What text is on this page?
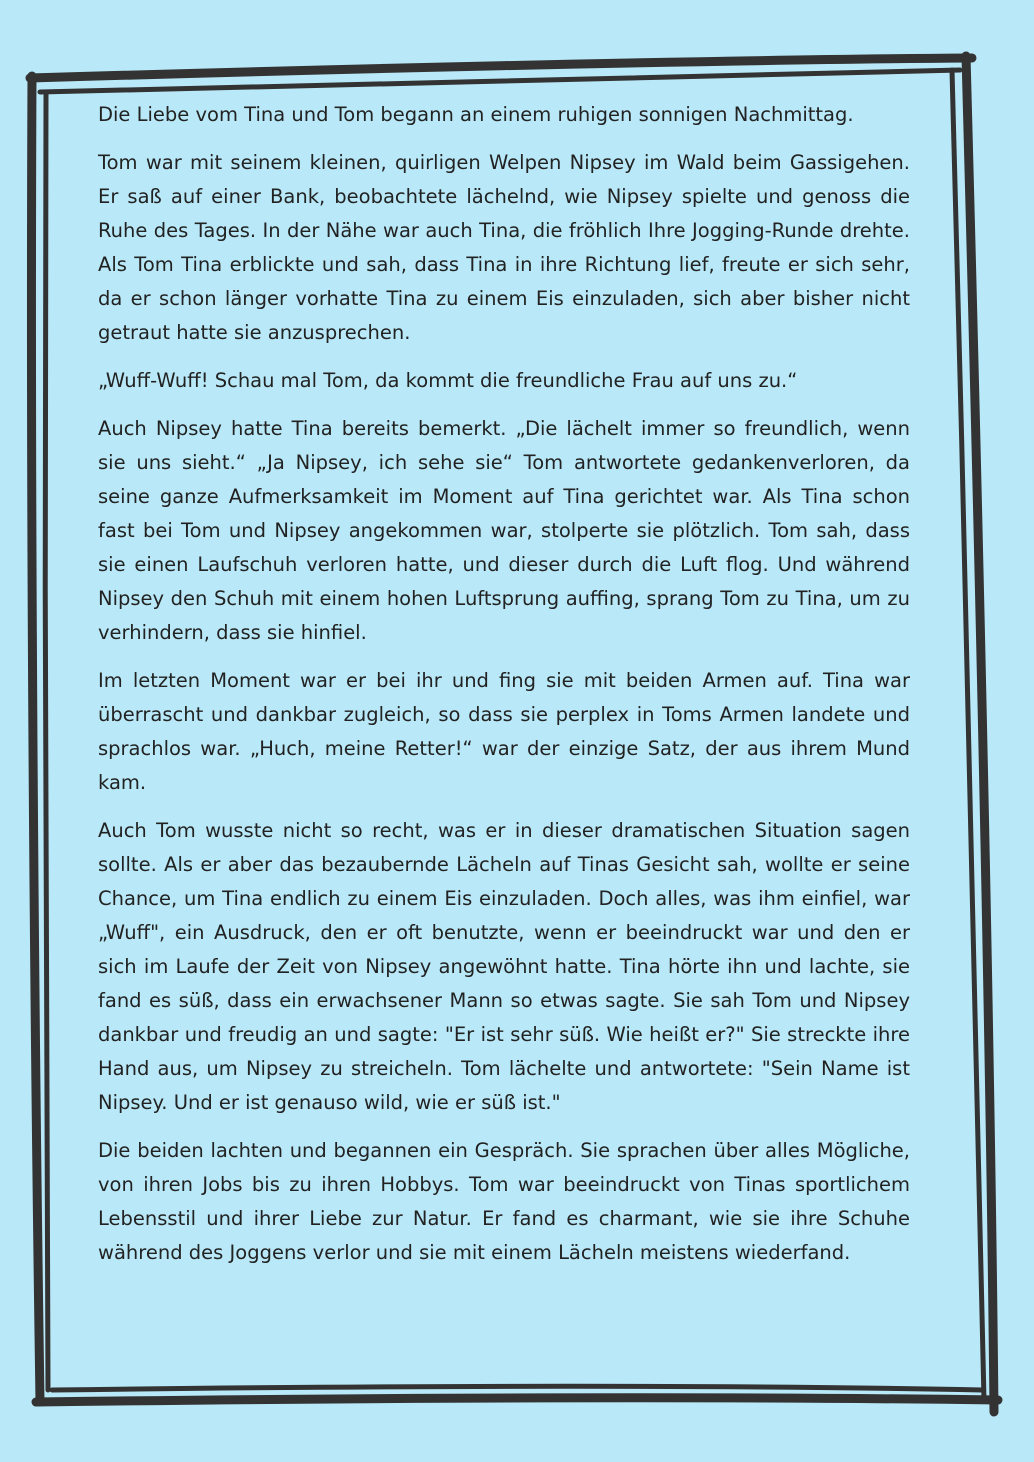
Die Liebe vom Tina und Tom begann an einem ruhigen sonnigen Nachmittag.

Tom war mit seinem kleinen, quirligen Welpen Nipsey im Wald beim Gassigehen. Er saß auf einer Bank, beobachtete lächelnd, wie Nipsey spielte und genoss die Ruhe des Tages. In der Nähe war auch Tina, die fröhlich Ihre Jogging-Runde drehte. Als Tom Tina erblickte und sah, dass Tina in ihre Richtung lief, freute er sich sehr, da er schon länger vorhatte Tina zu einem Eis einzuladen, sich aber bisher nicht getraut hatte sie anzusprechen.

„Wuff-Wuff! Schau mal Tom, da kommt die freundliche Frau auf uns zu.“

Auch Nipsey hatte Tina bereits bemerkt. „Die lächelt immer so freundlich, wenn sie uns sieht.“ „Ja Nipsey, ich sehe sie“ Tom antwortete gedankenverloren, da seine ganze Aufmerksamkeit im Moment auf Tina gerichtet war. Als Tina schon fast bei Tom und Nipsey angekommen war, stolperte sie plötzlich. Tom sah, dass sie einen Laufschuh verloren hatte, und dieser durch die Luft flog. Und während Nipsey den Schuh mit einem hohen Luftsprung auffing, sprang Tom zu Tina, um zu verhindern, dass sie hinfiel.

Im letzten Moment war er bei ihr und fing sie mit beiden Armen auf. Tina war überrascht und dankbar zugleich, so dass sie perplex in Toms Armen landete und sprachlos war. „Huch, meine Retter!“ war der einzige Satz, der aus ihrem Mund kam.

Auch Tom wusste nicht so recht, was er in dieser dramatischen Situation sagen sollte. Als er aber das bezaubernde Lächeln auf Tinas Gesicht sah, wollte er seine Chance, um Tina endlich zu einem Eis einzuladen. Doch alles, was ihm einfiel, war „Wuff", ein Ausdruck, den er oft benutzte, wenn er beeindruckt war und den er sich im Laufe der Zeit von Nipsey angewöhnt hatte. Tina hörte ihn und lachte, sie fand es süß, dass ein erwachsener Mann so etwas sagte. Sie sah Tom und Nipsey dankbar und freudig an und sagte: "Er ist sehr süß. Wie heißt er?" Sie streckte ihre Hand aus, um Nipsey zu streicheln. Tom lächelte und antwortete: "Sein Name ist Nipsey. Und er ist genauso wild, wie er süß ist."

Die beiden lachten und begannen ein Gespräch. Sie sprachen über alles Mögliche, von ihren Jobs bis zu ihren Hobbys. Tom war beeindruckt von Tinas sportlichem Lebensstil und ihrer Liebe zur Natur. Er fand es charmant, wie sie ihre Schuhe während des Joggens verlor und sie mit einem Lächeln meistens wiederfand.
